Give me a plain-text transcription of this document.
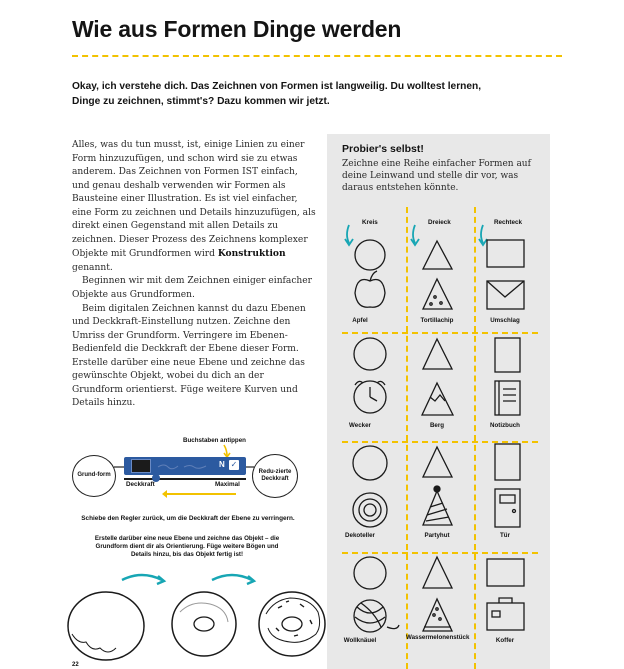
Wie aus Formen Dinge werden
Okay, ich verstehe dich. Das Zeichnen von Formen ist langweilig. Du wolltest lernen, Dinge zu zeichnen, stimmt's? Dazu kommen wir jetzt.

Alles, was du tun musst, ist, einige Linien zu einer Form hinzuzufügen, und schon wird sie zu etwas anderem. Das Zeichnen von Formen IST einfach, und genau deshalb verwenden wir Formen als Bausteine einer Illustration. Es ist viel einfacher, eine Form zu zeichnen und Details hinzuzufügen, als direkt einen Gegenstand mit allen Details zu zeichnen. Dieser Prozess des Zeichnens komplexer Objekte mit Grundformen wird Konstruktion genannt.

Beginnen wir mit dem Zeichnen einiger einfacher Objekte aus Grundformen.

Beim digitalen Zeichnen kannst du dazu Ebenen und Deckkraft-Einstellung nutzen. Zeichne den Umriss der Grundform. Verringere im Ebenen-Bedienfeld die Deckkraft der Ebene dieser Form. Erstelle darüber eine neue Ebene und zeichne das gewünschte Objekt, wobei du dich an der Grundform orientierst. Füge weitere Kurven und Details hinzu.

Buchstaben antippen
Grund-form
Redu-zierte Deckkraft
N ✓
Deckkraft	Maximal
Schiebe den Regler zurück, um die Deckkraft der Ebene zu verringern.
Erstelle darüber eine neue Ebene und zeichne das Objekt – die Grundform dient dir als Orientierung. Füge weitere Bögen und Details hinzu, bis das Objekt fertig ist!
22
Probier's selbst!
Zeichne eine Reihe einfacher Formen auf deine Leinwand und stelle dir vor, was daraus entstehen könnte.
Kreis	Dreieck	Rechteck
Apfel	Tortillachip	Umschlag
Wecker	Berg	Notizbuch
Dekoteller	Partyhut	Tür
Wollknäuel	Wassermelonenstück	Koffer
